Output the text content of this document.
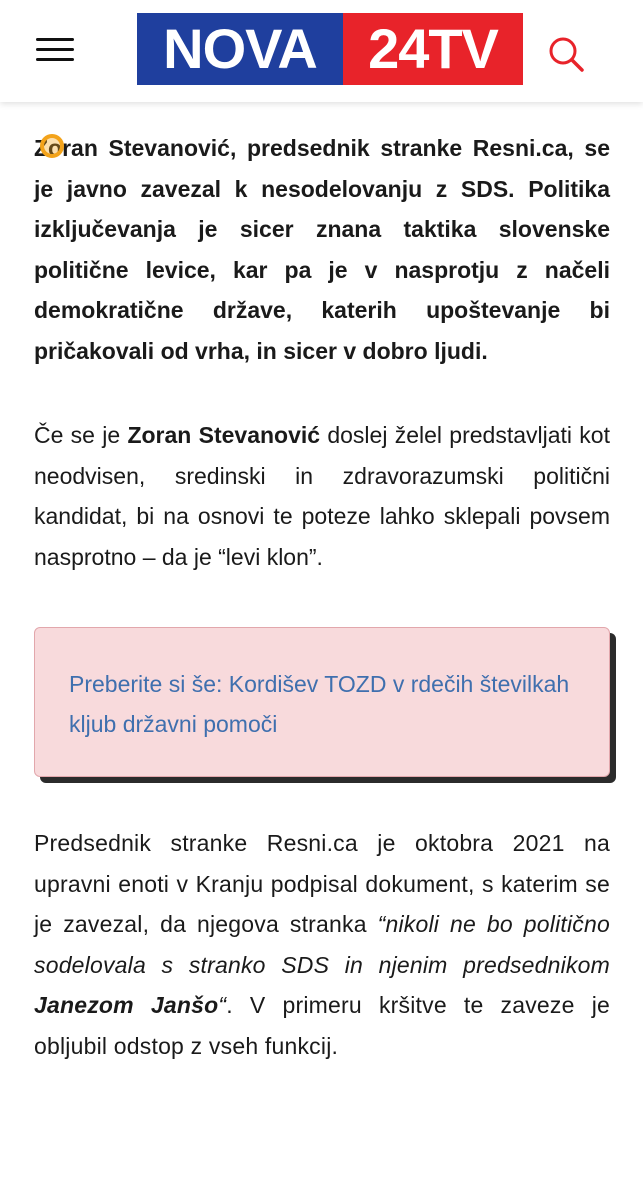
NOVA 24TV

Zoran Stevanović, predsednik stranke Resni.ca, se je javno zavezal k nesodelovanju z SDS. Politika izključevanja je sicer znana taktika slovenske politične levice, kar pa je v nasprotju z načeli demokratične države, katerih upoštevanje bi pričakovali od vrha, in sicer v dobro ljudi.

Če se je Zoran Stevanović doslej želel predstavljati kot neodvisen, sredinski in zdravorazumski politični kandidat, bi na osnovi te poteze lahko sklepali povsem nasprotno – da je “levi klon”.

Preberite si še: Kordišev TOZD v rdečih številkah kljub državni pomoči

Predsednik stranke Resni.ca je oktobra 2021 na upravni enoti v Kranju podpisal dokument, s katerim se je zavezal, da njegova stranka “nikoli ne bo politično sodelovala s stranko SDS in njenim predsednikom Janezom Janšo“. V primeru kršitve te zaveze je obljubil odstop z vseh funkcij.
